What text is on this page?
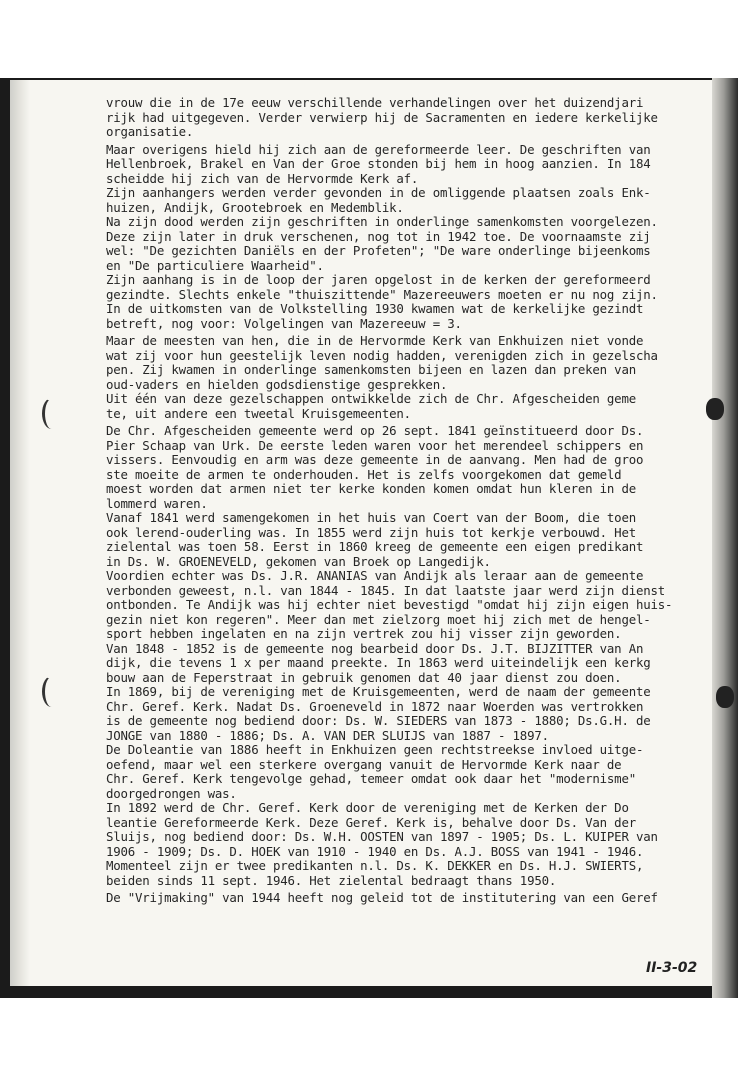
vrouw die in de 17e eeuw verschillende verhandelingen over het duizendjari
rijk had uitgegeven. Verder verwierp hij de Sacramenten en iedere kerkelijke
organisatie.
Maar overigens hield hij zich aan de gereformeerde leer. De geschriften van
Hellenbroek, Brakel en Van der Groe stonden bij hem in hoog aanzien. In 184
scheidde hij zich van de Hervormde Kerk af.
Zijn aanhangers werden verder gevonden in de omliggende plaatsen zoals Enk-
huizen, Andijk, Grootebroek en Medemblik.
Na zijn dood werden zijn geschriften in onderlinge samenkomsten voorgelezen.
Deze zijn later in druk verschenen, nog tot in 1942 toe. De voornaamste zij
wel: "De gezichten Daniëls en der Profeten"; "De ware onderlinge bijeenkoms
en "De particuliere Waarheid".
Zijn aanhang is in de loop der jaren opgelost in de kerken der gereformeerd
gezindte. Slechts enkele "thuiszittende" Mazereeuwers moeten er nu nog zijn.
In de uitkomsten van de Volkstelling 1930 kwamen wat de kerkelijke gezindt
betreft, nog voor: Volgelingen van Mazereeuw = 3.
Maar de meesten van hen, die in de Hervormde Kerk van Enkhuizen niet vonde
wat zij voor hun geestelijk leven nodig hadden, verenigden zich in gezelscha
pen. Zij kwamen in onderlinge samenkomsten bijeen en lazen dan preken van
oud-vaders en hielden godsdienstige gesprekken.
Uit één van deze gezelschappen ontwikkelde zich de Chr. Afgescheiden geme
te, uit andere een tweetal Kruisgemeenten.
De Chr. Afgescheiden gemeente werd op 26 sept. 1841 geïnstitueerd door Ds.
Pier Schaap van Urk. De eerste leden waren voor het merendeel schippers en
vissers. Eenvoudig en arm was deze gemeente in de aanvang. Men had de groo
ste moeite de armen te onderhouden. Het is zelfs voorgekomen dat gemeld
moest worden dat armen niet ter kerke konden komen omdat hun kleren in de
lommerd waren.
Vanaf 1841 werd samengekomen in het huis van Coert van der Boom, die toen
ook lerend-ouderling was. In 1855 werd zijn huis tot kerkje verbouwd. Het
zielental was toen 58. Eerst in 1860 kreeg de gemeente een eigen predikant
in Ds. W. GROENEVELD, gekomen van Broek op Langedijk.
Voordien echter was Ds. J.R. ANANIAS van Andijk als leraar aan de gemeente
verbonden geweest, n.l. van 1844 - 1845. In dat laatste jaar werd zijn dienst
ontbonden. Te Andijk was hij echter niet bevestigd "omdat hij zijn eigen huis-
gezin niet kon regeren". Meer dan met zielzorg moet hij zich met de hengel-
sport hebben ingelaten en na zijn vertrek zou hij visser zijn geworden.
Van 1848 - 1852 is de gemeente nog bearbeid door Ds. J.T. BIJZITTER van An
dijk, die tevens 1 x per maand preekte. In 1863 werd uiteindelijk een kerkg
bouw aan de Feperstraat in gebruik genomen dat 40 jaar dienst zou doen.
In 1869, bij de vereniging met de Kruisgemeenten, werd de naam der gemeente
Chr. Geref. Kerk. Nadat Ds. Groeneveld in 1872 naar Woerden was vertrokken
is de gemeente nog bediend door: Ds. W. SIEDERS van 1873 - 1880; Ds.G.H. de
JONGE van 1880 - 1886; Ds. A. VAN DER SLUIJS van 1887 - 1897.
De Doleantie van 1886 heeft in Enkhuizen geen rechtstreekse invloed uitge-
oefend, maar wel een sterkere overgang vanuit de Hervormde Kerk naar de
Chr. Geref. Kerk tengevolge gehad, temeer omdat ook daar het "modernisme"
doorgedrongen was.
In 1892 werd de Chr. Geref. Kerk door de vereniging met de Kerken der Do
leantie Gereformeerde Kerk. Deze Geref. Kerk is, behalve door Ds. Van der
Sluijs, nog bediend door: Ds. W.H. OOSTEN van 1897 - 1905; Ds. L. KUIPER van
1906 - 1909; Ds. D. HOEK van 1910 - 1940 en Ds. A.J. BOSS van 1941 - 1946.
Momenteel zijn er twee predikanten n.l. Ds. K. DEKKER en Ds. H.J. SWIERTS,
beiden sinds 11 sept. 1946. Het zielental bedraagt thans 1950.
De "Vrijmaking" van 1944 heeft nog geleid tot de institutering van een Geref
II-3-02
